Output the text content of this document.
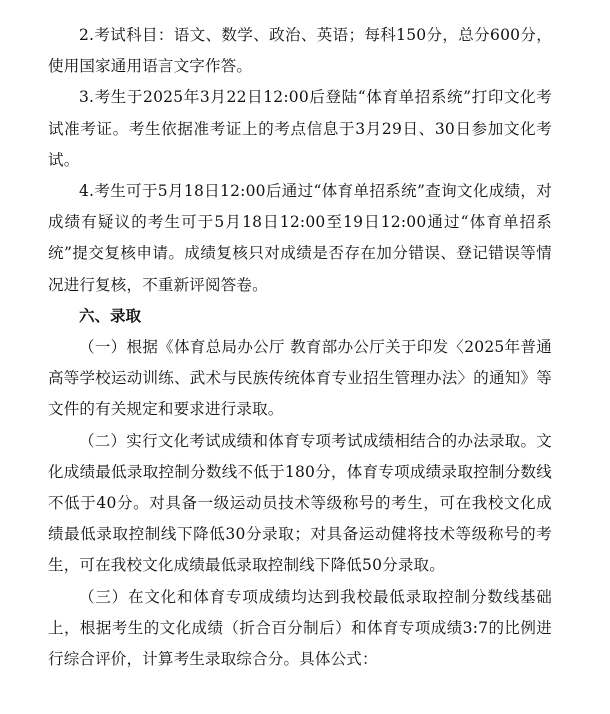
2.考试科目：语文、数学、政治、英语；每科150分，总分600分，使用国家通用语言文字作答。

3.考生于2025年3月22日12:00后登陆“体育单招系统”打印文化考试准考证。考生依据准考证上的考点信息于3月29日、30日参加文化考试。

4.考生可于5月18日12:00后通过“体育单招系统”查询文化成绩，对成绩有疑议的考生可于5月18日12:00至19日12:00通过“体育单招系统”提交复核申请。成绩复核只对成绩是否存在加分错误、登记错误等情况进行复核，不重新评阅答卷。

六、录取

（一）根据《体育总局办公厅 教育部办公厅关于印发〈2025年普通高等学校运动训练、武术与民族传统体育专业招生管理办法〉的通知》等文件的有关规定和要求进行录取。

（二）实行文化考试成绩和体育专项考试成绩相结合的办法录取。文化成绩最低录取控制分数线不低于180分，体育专项成绩录取控制分数线不低于40分。对具备一级运动员技术等级称号的考生，可在我校文化成绩最低录取控制线下降低30分录取；对具备运动健将技术等级称号的考生，可在我校文化成绩最低录取控制线下降低50分录取。

（三）在文化和体育专项成绩均达到我校最低录取控制分数线基础上，根据考生的文化成绩（折合百分制后）和体育专项成绩3:7的比例进行综合评价，计算考生录取综合分。具体公式：
